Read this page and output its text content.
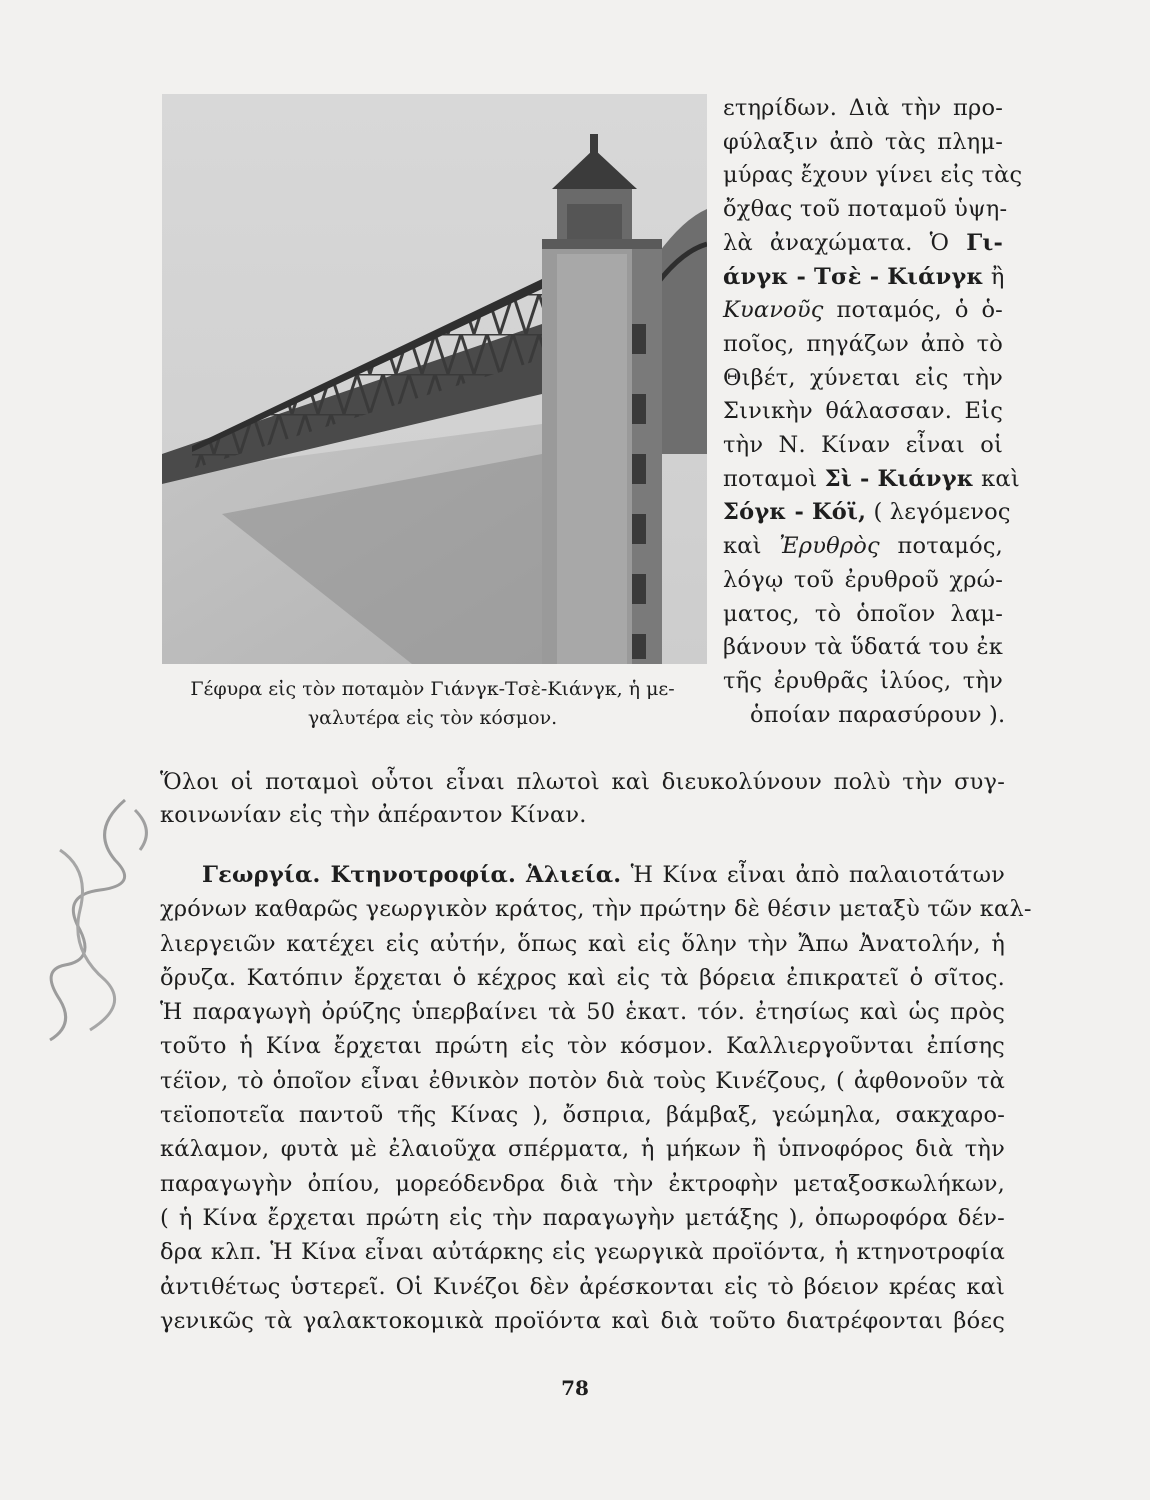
Γέφυρα εἰς τὸν ποταμὸν Γιάνγκ-Τσὲ-Κιάνγκ, ἡ με-
γαλυτέρα εἰς τὸν κόσμον.
ετηρίδων. Διὰ τὴν προ-
φύλαξιν ἀπὸ τὰς πλημ-
μύρας ἔχουν γίνει εἰς τὰς
ὄχθας τοῦ ποταμοῦ ὑψη-
λὰ ἀναχώματα. Ὁ Γι-
άνγκ - Τσὲ - Κιάνγκ ἢ
Κυανοῦς ποταμός, ὁ ὁ-
ποῖος, πηγάζων ἀπὸ τὸ
Θιβέτ, χύνεται εἰς τὴν
Σινικὴν θάλασσαν. Εἰς
τὴν Ν. Κίναν εἶναι οἱ
ποταμοὶ Σὶ - Κιάνγκ καὶ
Σόγκ - Κόϊ, ( λεγόμενος
καὶ Ἐρυθρὸς ποταμός,
λόγῳ τοῦ ἐρυθροῦ χρώ-
ματος, τὸ ὁποῖον λαμ-
βάνουν τὰ ὕδατά του ἐκ
τῆς ἐρυθρᾶς ἰλύος, τὴν
ὁποίαν παρασύρουν ).
Ὅλοι οἱ ποταμοὶ οὗτοι εἶναι πλωτοὶ καὶ διευκολύνουν πολὺ τὴν συγ-
κοινωνίαν εἰς τὴν ἀπέραντον Κίναν.
Γεωργία. Κτηνοτροφία. Ἁλιεία. Ἡ Κίνα εἶναι ἀπὸ παλαιοτάτων
χρόνων καθαρῶς γεωργικὸν κράτος, τὴν πρώτην δὲ θέσιν μεταξὺ τῶν καλ-
λιεργειῶν κατέχει εἰς αὐτήν, ὅπως καὶ εἰς ὅλην τὴν Ἄπω Ἀνατολήν, ἡ
ὄρυζα. Κατόπιν ἔρχεται ὁ κέχρος καὶ εἰς τὰ βόρεια ἐπικρατεῖ ὁ σῖτος.
Ἡ παραγωγὴ ὀρύζης ὑπερβαίνει τὰ 50 ἑκατ. τόν. ἐτησίως καὶ ὡς πρὸς
τοῦτο ἡ Κίνα ἔρχεται πρώτη εἰς τὸν κόσμον. Καλλιεργοῦνται ἐπίσης
τέϊον, τὸ ὁποῖον εἶναι ἐθνικὸν ποτὸν διὰ τοὺς Κινέζους, ( ἀφθονοῦν τὰ
τεϊοποτεῖα παντοῦ τῆς Κίνας ), ὄσπρια, βάμβαξ, γεώμηλα, σακχαρο-
κάλαμον, φυτὰ μὲ ἐλαιοῦχα σπέρματα, ἡ μήκων ἢ ὑπνοφόρος διὰ τὴν
παραγωγὴν ὀπίου, μορεόδενδρα διὰ τὴν ἐκτροφὴν μεταξοσκωλήκων,
( ἡ Κίνα ἔρχεται πρώτη εἰς τὴν παραγωγὴν μετάξης ), ὀπωροφόρα δέν-
δρα κλπ. Ἡ Κίνα εἶναι αὐτάρκης εἰς γεωργικὰ προϊόντα, ἡ κτηνοτροφία
ἀντιθέτως ὑστερεῖ. Οἱ Κινέζοι δὲν ἀρέσκονται εἰς τὸ βόειον κρέας καὶ
γενικῶς τὰ γαλακτοκομικὰ προϊόντα καὶ διὰ τοῦτο διατρέφονται βόες
78
